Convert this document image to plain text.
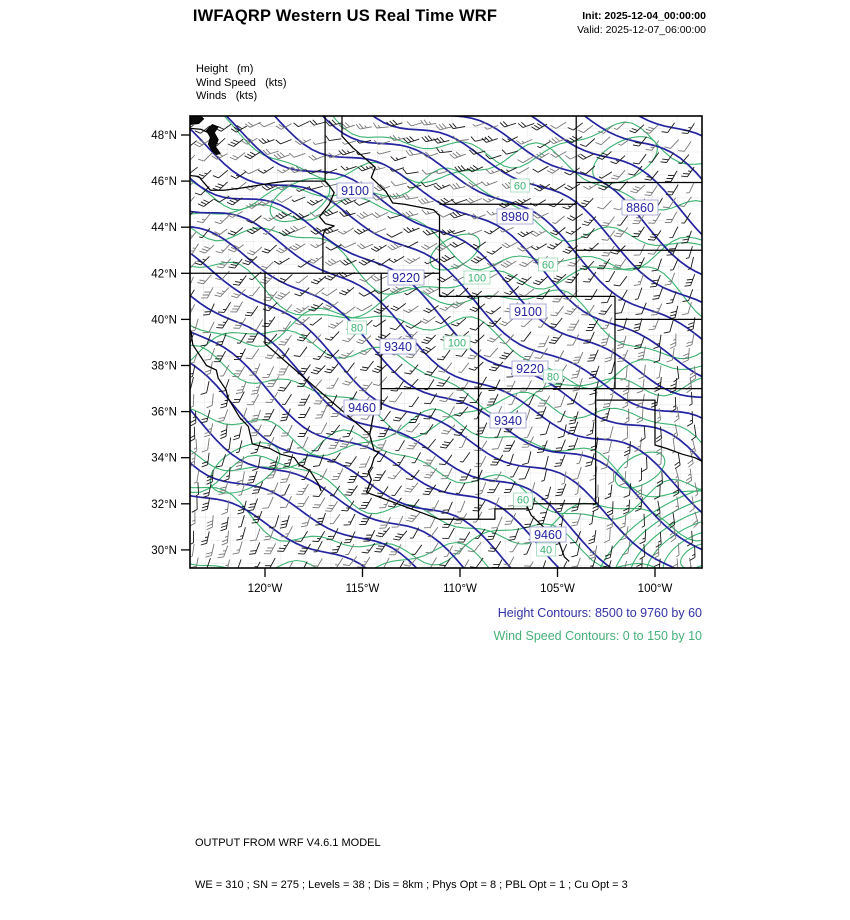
IWFAQRP Western US Real Time WRF	Init: 2025-12-04_00:00:00
Valid: 2025-12-07_06:00:00
Height   (m)
Wind Speed   (kts)
Winds   (kts)
9100
8980
8860
9220
9100
9340
9220
9460
9340
9460
60
60
100
100
80
80
60
40
48°N
46°N
44°N
42°N
40°N
38°N
36°N
34°N
32°N
30°N
120°W	115°W	110°W	105°W	100°W
Height Contours: 8500 to 9760 by 60
Wind Speed Contours: 0 to 150 by 10

OUTPUT FROM WRF V4.6.1 MODEL

WE = 310 ; SN = 275 ; Levels = 38 ; Dis = 8km ; Phys Opt = 8 ; PBL Opt = 1 ; Cu Opt = 3
